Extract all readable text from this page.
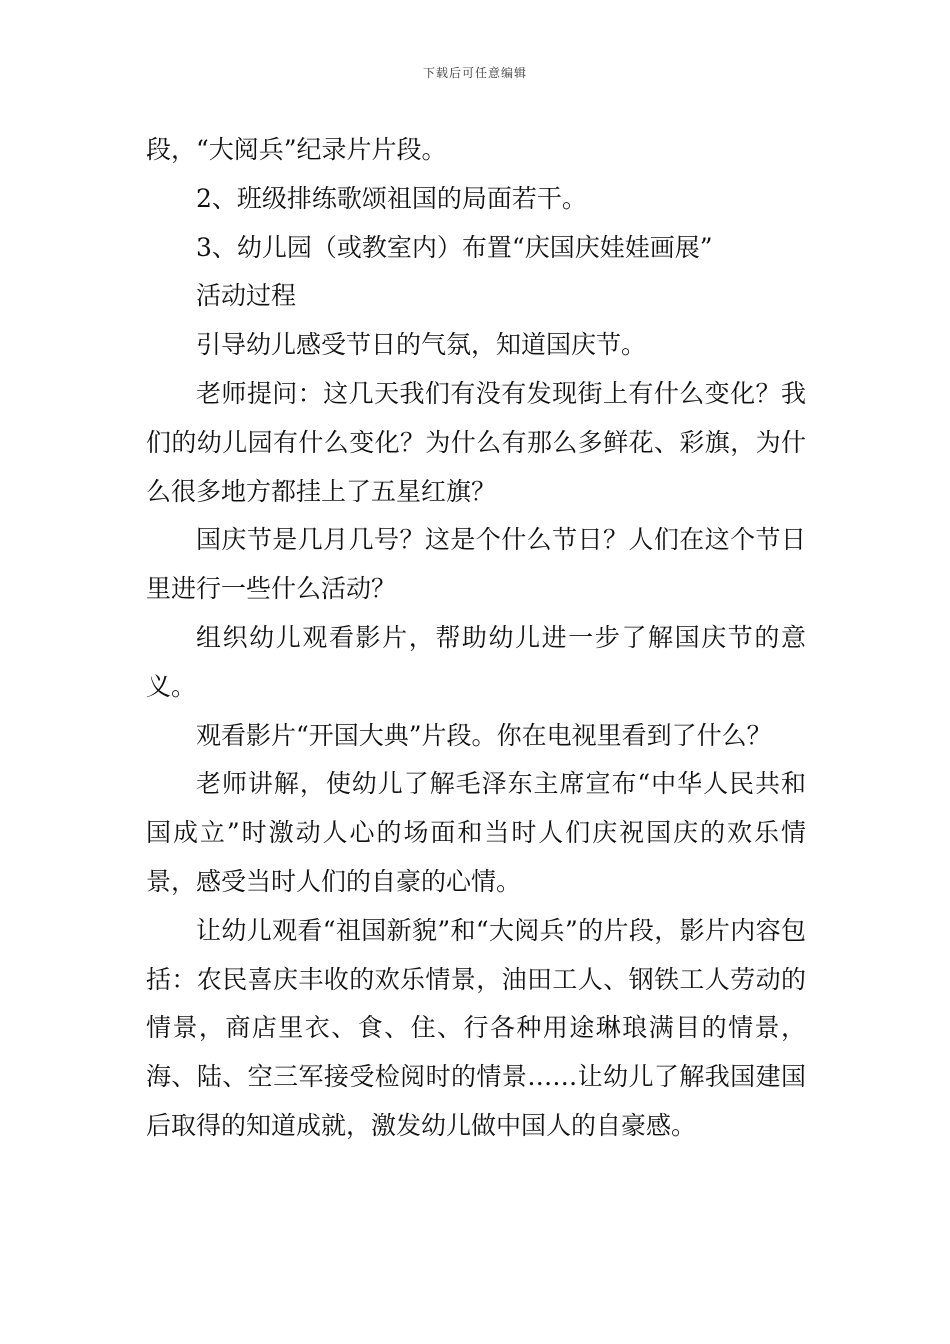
下载后可任意编辑

段，“大阅兵”纪录片片段。

2、班级排练歌颂祖国的局面若干。

3、幼儿园（或教室内）布置“庆国庆娃娃画展”

活动过程

引导幼儿感受节日的气氛，知道国庆节。

老师提问：这几天我们有没有发现街上有什么变化？我们的幼儿园有什么变化？为什么有那么多鲜花、彩旗，为什么很多地方都挂上了五星红旗？

国庆节是几月几号？这是个什么节日？人们在这个节日里进行一些什么活动？

组织幼儿观看影片，帮助幼儿进一步了解国庆节的意义。

观看影片“开国大典”片段。你在电视里看到了什么？

老师讲解，使幼儿了解毛泽东主席宣布“中华人民共和国成立”时激动人心的场面和当时人们庆祝国庆的欢乐情景，感受当时人们的自豪的心情。

让幼儿观看“祖国新貌”和“大阅兵”的片段，影片内容包括：农民喜庆丰收的欢乐情景，油田工人、钢铁工人劳动的情景，商店里衣、食、住、行各种用途琳琅满目的情景，海、陆、空三军接受检阅时的情景……让幼儿了解我国建国后取得的知道成就，激发幼儿做中国人的自豪感。
